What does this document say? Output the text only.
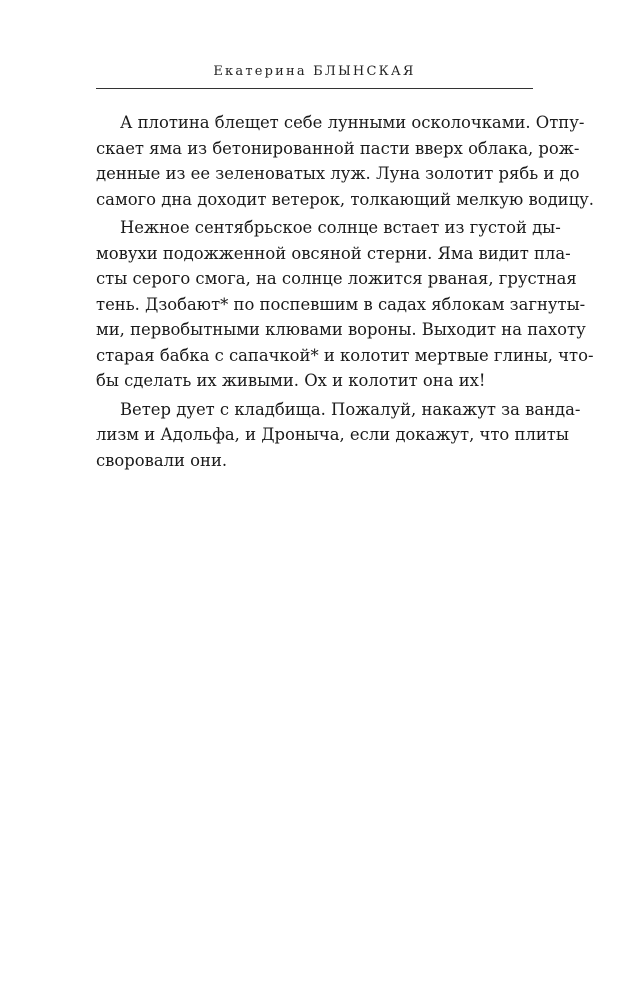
Екатерина БЛЫНСКАЯ
А плотина блещет себе лунными осколочками. Отпу-
скает яма из бетонированной пасти вверх облака, рож-
денные из ее зеленоватых луж. Луна золотит рябь и до
самого дна доходит ветерок, толкающий мелкую водицу.
Нежное сентябрьское солнце встает из густой ды-
мовухи подожженной овсяной стерни. Яма видит пла-
сты серого смога, на солнце ложится рваная, грустная
тень. Дзобают* по поспевшим в садах яблокам загнуты-
ми, первобытными клювами вороны. Выходит на пахоту
старая бабка с сапачкой* и колотит мертвые глины, что-
бы сделать их живыми. Ох и колотит она их!
Ветер дует с кладбища. Пожалуй, накажут за ванда-
лизм и Адольфа, и Дроныча, если докажут, что плиты
своровали они.
